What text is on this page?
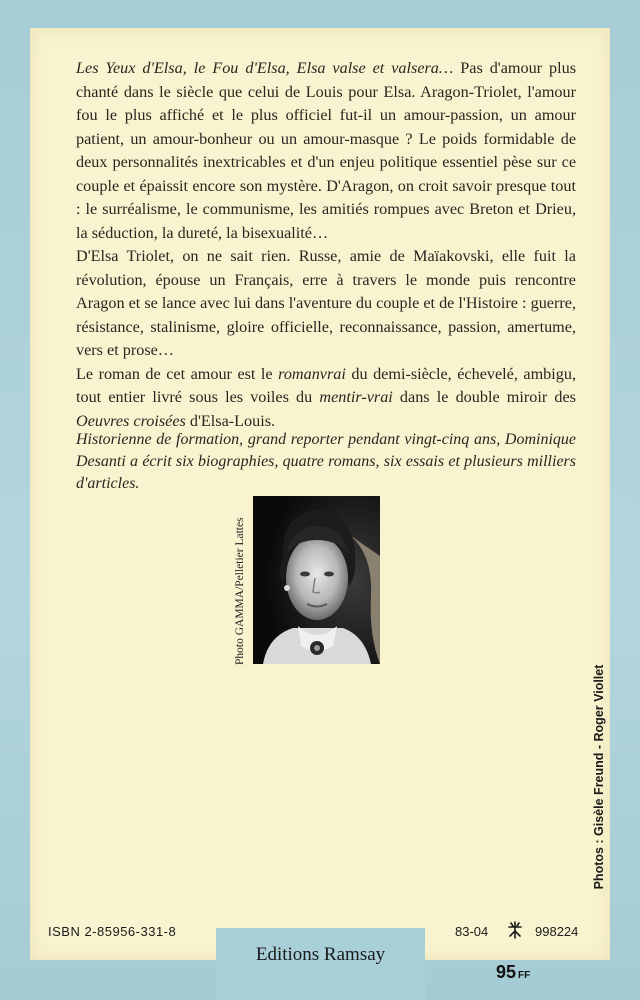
Les Yeux d'Elsa, le Fou d'Elsa, Elsa valse et valsera… Pas d'amour plus chanté dans le siècle que celui de Louis pour Elsa. Aragon-Triolet, l'amour fou le plus affiché et le plus officiel fut-il un amour-passion, un amour patient, un amour-bonheur ou un amour-masque ? Le poids formidable de deux personnalités inextricables et d'un enjeu politique essentiel pèse sur ce couple et épaissit encore son mystère. D'Aragon, on croit savoir presque tout : le surréalisme, le communisme, les amitiés rompues avec Breton et Drieu, la séduction, la dureté, la bisexualité…

D'Elsa Triolet, on ne sait rien. Russe, amie de Maïakovski, elle fuit la révolution, épouse un Français, erre à travers le monde puis rencontre Aragon et se lance avec lui dans l'aventure du couple et de l'Histoire : guerre, résistance, stalinisme, gloire officielle, reconnaissance, passion, amertume, vers et prose…

Le roman de cet amour est le romanvrai du demi-siècle, échevelé, ambigu, tout entier livré sous les voiles du mentir-vrai dans le double miroir des Oeuvres croisées d'Elsa-Louis.

Historienne de formation, grand reporter pendant vingt-cinq ans, Dominique Desanti a écrit six biographies, quatre romans, six essais et plusieurs milliers d'articles.
Photo GAMMA/Pelletier Lattes
Photos : Gisèle Freund - Roger Viollet
ISBN 2-85956-331-8
Editions Ramsay
83-04	998224
95 FF
